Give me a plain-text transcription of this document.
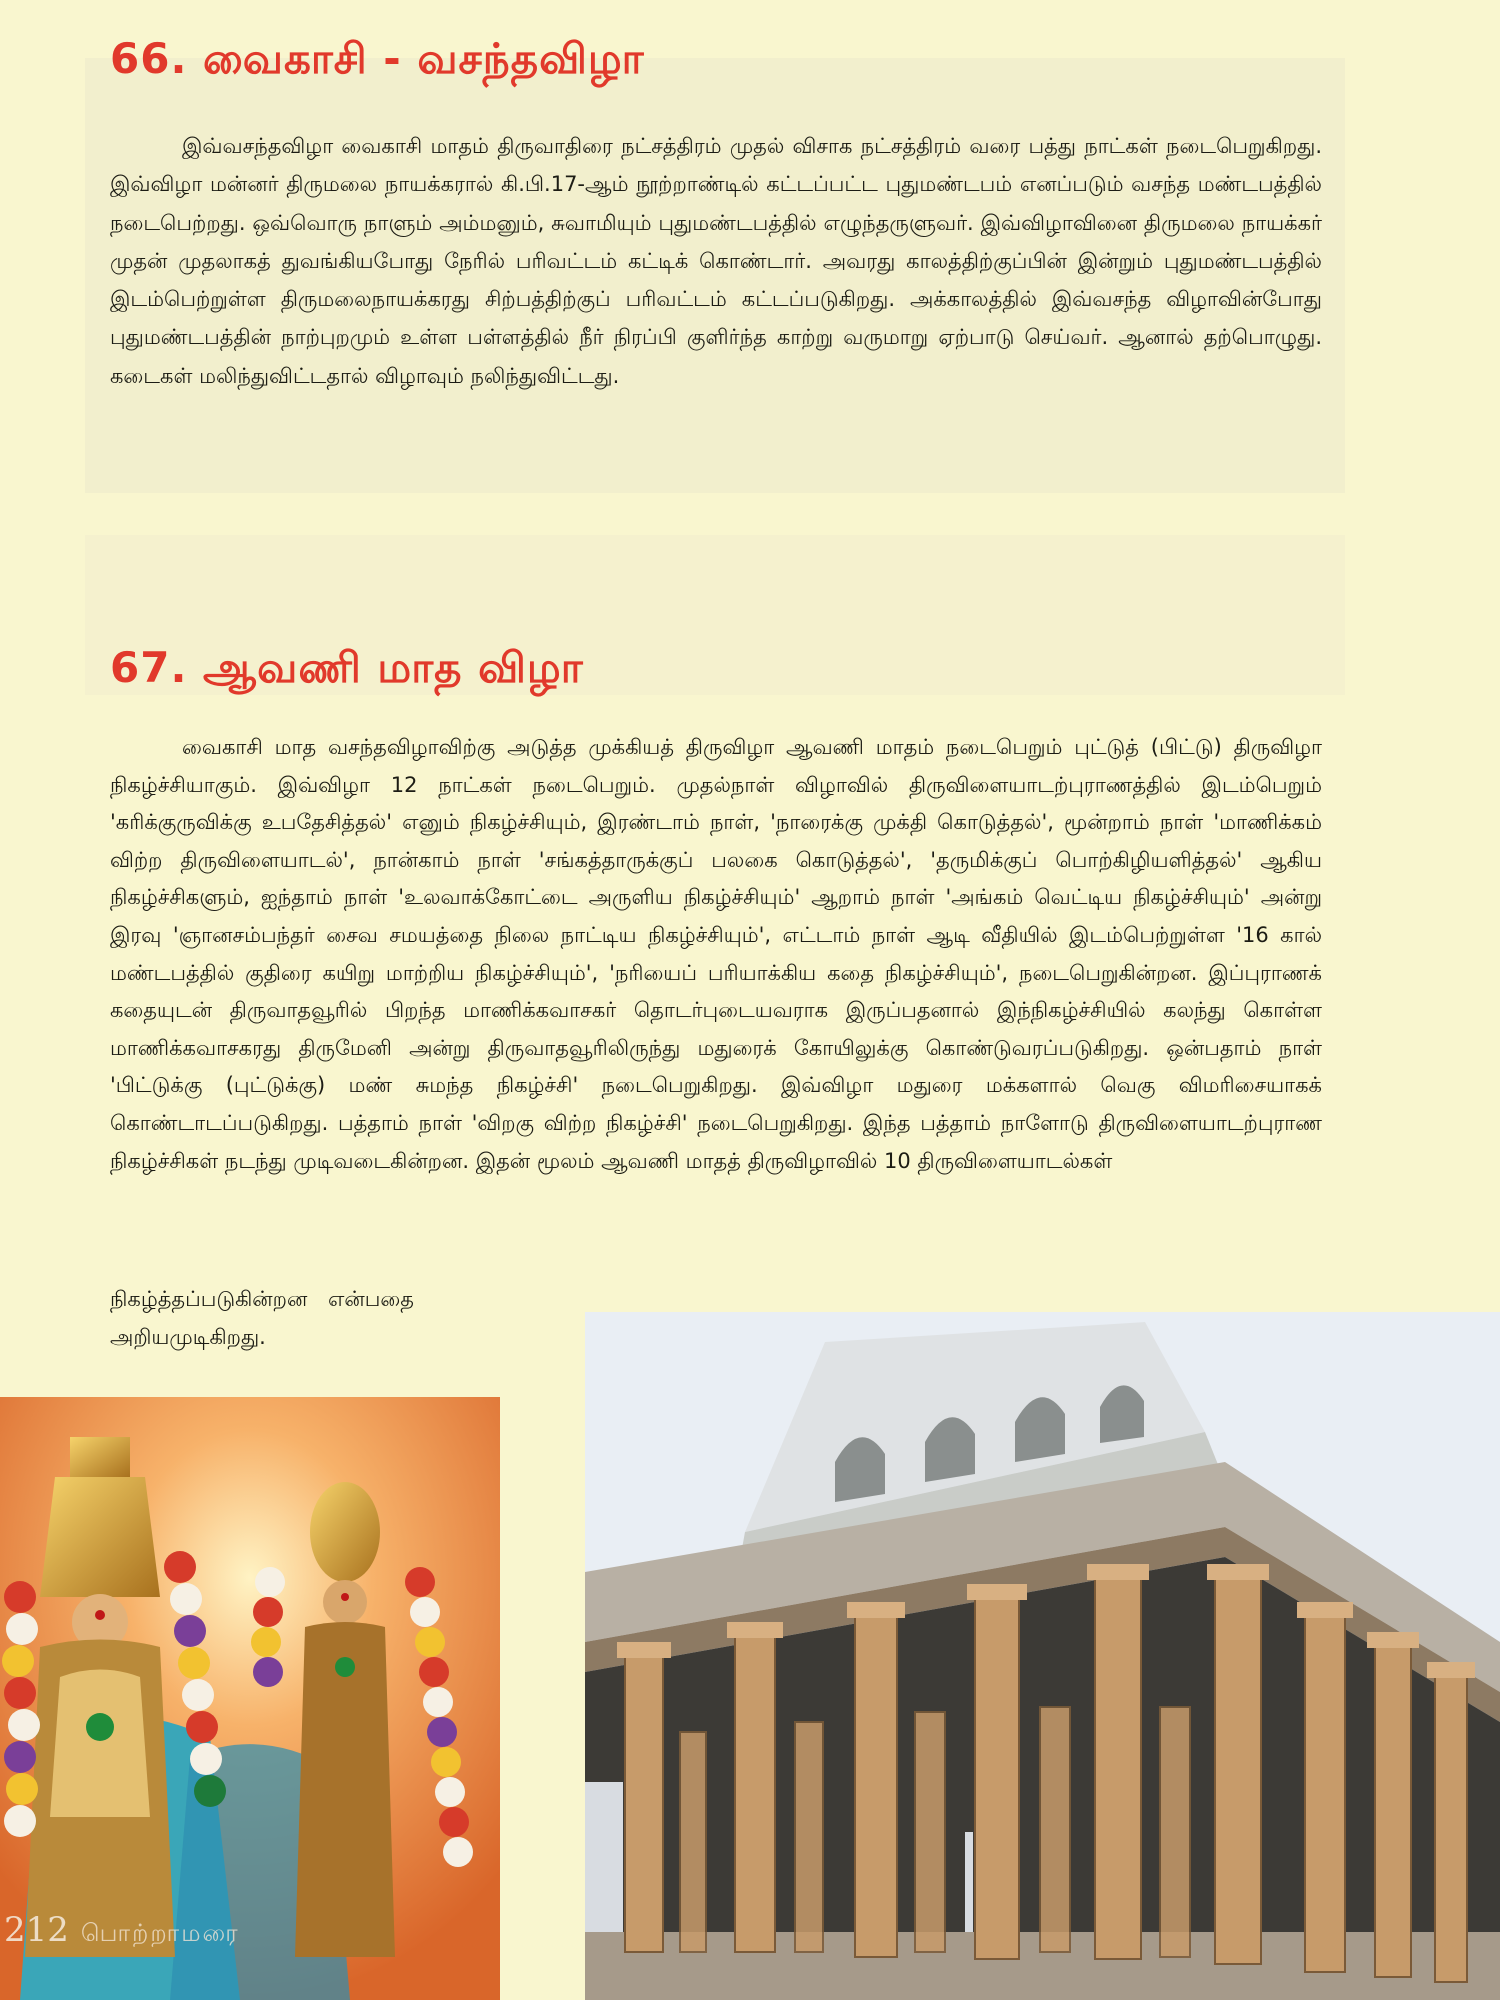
66. வைகாசி - வசந்தவிழா

இவ்வசந்தவிழா வைகாசி மாதம் திருவாதிரை நட்சத்திரம் முதல் விசாக நட்சத்திரம் வரை பத்து நாட்கள் நடைபெறுகிறது. இவ்விழா மன்னர் திருமலை நாயக்கரால் கி.பி.17-ஆம் நூற்றாண்டில் கட்டப்பட்ட புதுமண்டபம் எனப்படும் வசந்த மண்டபத்தில் நடைபெற்றது. ஒவ்வொரு நாளும் அம்மனும், சுவாமியும் புதுமண்டபத்தில் எழுந்தருளுவர். இவ்விழாவினை திருமலை நாயக்கர் முதன் முதலாகத் துவங்கியபோது நேரில் பரிவட்டம் கட்டிக் கொண்டார். அவரது காலத்திற்குப்பின் இன்றும் புதுமண்டபத்தில் இடம்பெற்றுள்ள திருமலைநாயக்கரது சிற்பத்திற்குப் பரிவட்டம் கட்டப்படுகிறது. அக்காலத்தில் இவ்வசந்த விழாவின்போது புதுமண்டபத்தின் நாற்புறமும் உள்ள பள்ளத்தில் நீர் நிரப்பி குளிர்ந்த காற்று வருமாறு ஏற்பாடு செய்வர். ஆனால் தற்பொழுது. கடைகள் மலிந்துவிட்டதால் விழாவும் நலிந்துவிட்டது.

67. ஆவணி மாத விழா

வைகாசி மாத வசந்தவிழாவிற்கு அடுத்த முக்கியத் திருவிழா ஆவணி மாதம் நடைபெறும் புட்டுத் (பிட்டு) திருவிழா நிகழ்ச்சியாகும். இவ்விழா 12 நாட்கள் நடைபெறும். முதல்நாள் விழாவில் திருவிளையாடற்புராணத்தில் இடம்பெறும் 'கரிக்குருவிக்கு உபதேசித்தல்' எனும் நிகழ்ச்சியும், இரண்டாம் நாள், 'நாரைக்கு முக்தி கொடுத்தல்', மூன்றாம் நாள் 'மாணிக்கம் விற்ற திருவிளையாடல்', நான்காம் நாள் 'சங்கத்தாருக்குப் பலகை கொடுத்தல்', 'தருமிக்குப் பொற்கிழியளித்தல்' ஆகிய நிகழ்ச்சிகளும், ஐந்தாம் நாள் 'உலவாக்கோட்டை அருளிய நிகழ்ச்சியும்' ஆறாம் நாள் 'அங்கம் வெட்டிய நிகழ்ச்சியும்' அன்று இரவு 'ஞானசம்பந்தர் சைவ சமயத்தை நிலை நாட்டிய நிகழ்ச்சியும்', எட்டாம் நாள் ஆடி வீதியில் இடம்பெற்றுள்ள '16 கால் மண்டபத்தில் குதிரை கயிறு மாற்றிய நிகழ்ச்சியும்', 'நரியைப் பரியாக்கிய கதை நிகழ்ச்சியும்', நடைபெறுகின்றன. இப்புராணக் கதையுடன் திருவாதவூரில் பிறந்த மாணிக்கவாசகர் தொடர்புடையவராக இருப்பதனால் இந்நிகழ்ச்சியில் கலந்து கொள்ள மாணிக்கவாசகரது திருமேனி அன்று திருவாதவூரிலிருந்து மதுரைக் கோயிலுக்கு கொண்டுவரப்படுகிறது. ஒன்பதாம் நாள் 'பிட்டுக்கு (புட்டுக்கு) மண் சுமந்த நிகழ்ச்சி' நடைபெறுகிறது. இவ்விழா மதுரை மக்களால் வெகு விமரிசையாகக் கொண்டாடப்படுகிறது. பத்தாம் நாள் 'விறகு விற்ற நிகழ்ச்சி' நடைபெறுகிறது. இந்த பத்தாம் நாளோடு திருவிளையாடற்புராண நிகழ்ச்சிகள் நடந்து முடிவடைகின்றன. இதன் மூலம் ஆவணி மாதத் திருவிழாவில் 10 திருவிளையாடல்கள்

நிகழ்த்தப்படுகின்றன என்பதை

அறியமுடிகிறது.

212 பொற்றாமரை
